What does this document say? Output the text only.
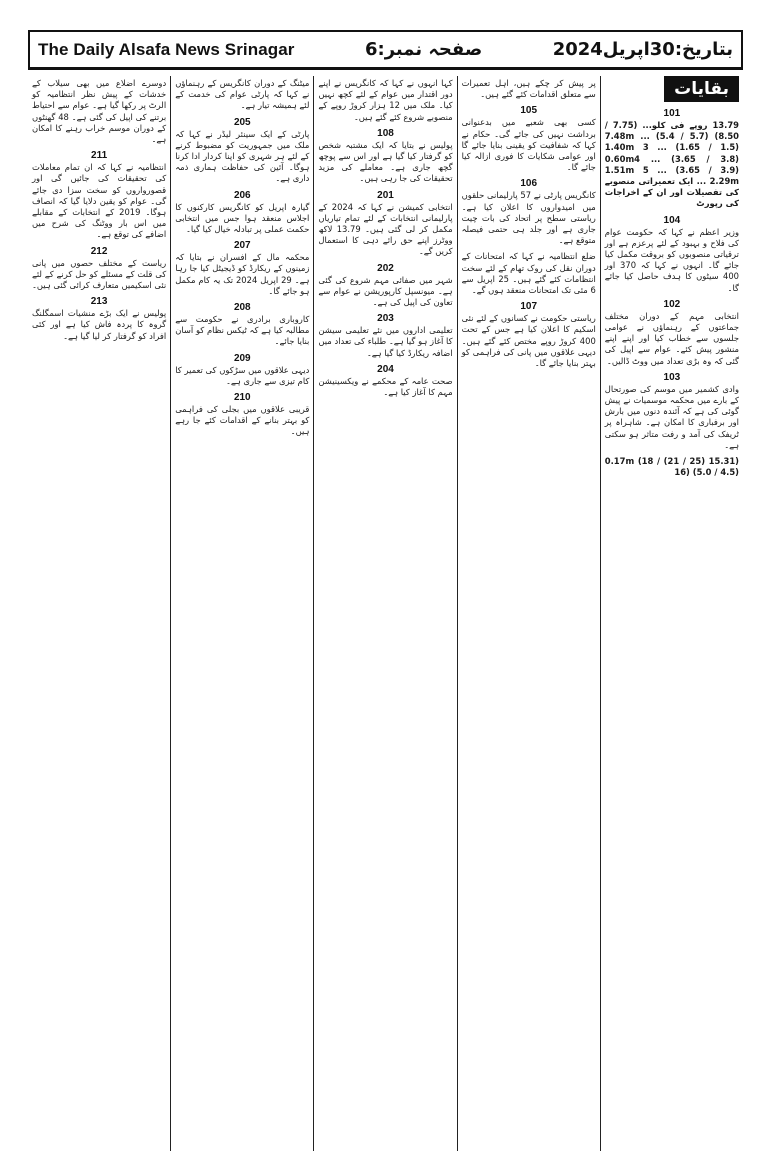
The Daily Alsafa News Srinagar	صفحہ نمبر:6	بتاریخ:30اپریل2024
بقایات
101

13.79 روپے فی کلو... (7.75 / 8.50) 7.48m ... (5.4 / 5.7) 1.40m 3 ... (1.65 / 1.5) 0.60m4 ... (3.65 / 3.8) 1.51m 5 ... (3.65 / 3.9) 2.29m ... ایک تعمیراتی منصوبے کی تفصیلات اور ان کے اخراجات کی رپورٹ

104

وزیر اعظم نے کہا کہ حکومت عوام کی فلاح و بہبود کے لئے پرعزم ہے اور ترقیاتی منصوبوں کو بروقت مکمل کیا جائے گا۔ انہوں نے کہا کہ 370 اور 400 سیٹوں کا ہدف حاصل کیا جائے گا۔

102

انتخابی مہم کے دوران مختلف جماعتوں کے رہنماؤں نے عوامی جلسوں سے خطاب کیا اور اپنے اپنے منشور پیش کئے۔ عوام سے اپیل کی گئی کہ وہ بڑی تعداد میں ووٹ ڈالیں۔

103

وادی کشمیر میں موسم کی صورتحال کے بارے میں محکمہ موسمیات نے پیش گوئی کی ہے کہ آئندہ دنوں میں بارش اور برفباری کا امکان ہے۔ شاہراہ پر ٹریفک کی آمد و رفت متاثر ہو سکتی ہے۔

(15.31 (25 / 21) 0.17m (18 / 16) (5.0 / 4.5)

پر پیش کر چکے ہیں، اہل تعمیرات سے متعلق اقدامات کئے گئے ہیں۔

105

کسی بھی شعبے میں بدعنوانی برداشت نہیں کی جائے گی۔ حکام نے کہا کہ شفافیت کو یقینی بنایا جائے گا اور عوامی شکایات کا فوری ازالہ کیا جائے گا۔

106

کانگریس پارٹی نے 57 پارلیمانی حلقوں میں امیدواروں کا اعلان کیا ہے۔ ریاستی سطح پر اتحاد کی بات چیت جاری ہے اور جلد ہی حتمی فیصلہ متوقع ہے۔

ضلع انتظامیہ نے کہا کہ امتحانات کے دوران نقل کی روک تھام کے لئے سخت انتظامات کئے گئے ہیں۔ 25 اپریل سے 6 مئی تک امتحانات منعقد ہوں گے۔

107

ریاستی حکومت نے کسانوں کے لئے نئی اسکیم کا اعلان کیا ہے جس کے تحت 400 کروڑ روپے مختص کئے گئے ہیں۔ دیہی علاقوں میں پانی کی فراہمی کو بہتر بنایا جائے گا۔

کہا انہوں نے کہا کہ کانگریس نے اپنے دور اقتدار میں عوام کے لئے کچھ نہیں کیا۔ ملک میں 12 ہزار کروڑ روپے کے منصوبے شروع کئے گئے ہیں۔

108

پولیس نے بتایا کہ ایک مشتبہ شخص کو گرفتار کیا گیا ہے اور اس سے پوچھ گچھ جاری ہے۔ معاملے کی مزید تحقیقات کی جا رہی ہیں۔

201

انتخابی کمیشن نے کہا کہ 2024 کے پارلیمانی انتخابات کے لئے تمام تیاریاں مکمل کر لی گئی ہیں۔ 13.79 لاکھ ووٹرز اپنے حق رائے دہی کا استعمال کریں گے۔

202

شہر میں صفائی مہم شروع کی گئی ہے۔ میونسپل کارپوریشن نے عوام سے تعاون کی اپیل کی ہے۔

203

تعلیمی اداروں میں نئے تعلیمی سیشن کا آغاز ہو گیا ہے۔ طلباء کی تعداد میں اضافہ ریکارڈ کیا گیا ہے۔

204

صحت عامہ کے محکمے نے ویکسینیشن مہم کا آغاز کیا ہے۔

میٹنگ کے دوران کانگریس کے رہنماؤں نے کہا کہ پارٹی عوام کی خدمت کے لئے ہمیشہ تیار ہے۔

205

پارٹی کے ایک سینئر لیڈر نے کہا کہ ملک میں جمہوریت کو مضبوط کرنے کے لئے ہر شہری کو اپنا کردار ادا کرنا ہوگا۔ آئین کی حفاظت ہماری ذمہ داری ہے۔

206

گیارہ اپریل کو کانگریس کارکنوں کا اجلاس منعقد ہوا جس میں انتخابی حکمت عملی پر تبادلہ خیال کیا گیا۔

207

محکمہ مال کے افسران نے بتایا کہ زمینوں کے ریکارڈ کو ڈیجیٹل کیا جا رہا ہے۔ 29 اپریل 2024 تک یہ کام مکمل ہو جائے گا۔

208

کاروباری برادری نے حکومت سے مطالبہ کیا ہے کہ ٹیکس نظام کو آسان بنایا جائے۔

209

دیہی علاقوں میں سڑکوں کی تعمیر کا کام تیزی سے جاری ہے۔

210

قریبی علاقوں میں بجلی کی فراہمی کو بہتر بنانے کے اقدامات کئے جا رہے ہیں۔

دوسرے اضلاع میں بھی سیلاب کے خدشات کے پیش نظر انتظامیہ کو الرٹ پر رکھا گیا ہے۔ عوام سے احتیاط برتنے کی اپیل کی گئی ہے۔ 48 گھنٹوں کے دوران موسم خراب رہنے کا امکان ہے۔

211

انتظامیہ نے کہا کہ ان تمام معاملات کی تحقیقات کی جائیں گی اور قصورواروں کو سخت سزا دی جائے گی۔ عوام کو یقین دلایا گیا کہ انصاف ہوگا۔ 2019 کے انتخابات کے مقابلے میں اس بار ووٹنگ کی شرح میں اضافے کی توقع ہے۔

212

ریاست کے مختلف حصوں میں پانی کی قلت کے مسئلے کو حل کرنے کے لئے نئی اسکیمیں متعارف کرائی گئی ہیں۔

213

پولیس نے ایک بڑے منشیات اسمگلنگ گروہ کا پردہ فاش کیا ہے اور کئی افراد کو گرفتار کر لیا گیا ہے۔
